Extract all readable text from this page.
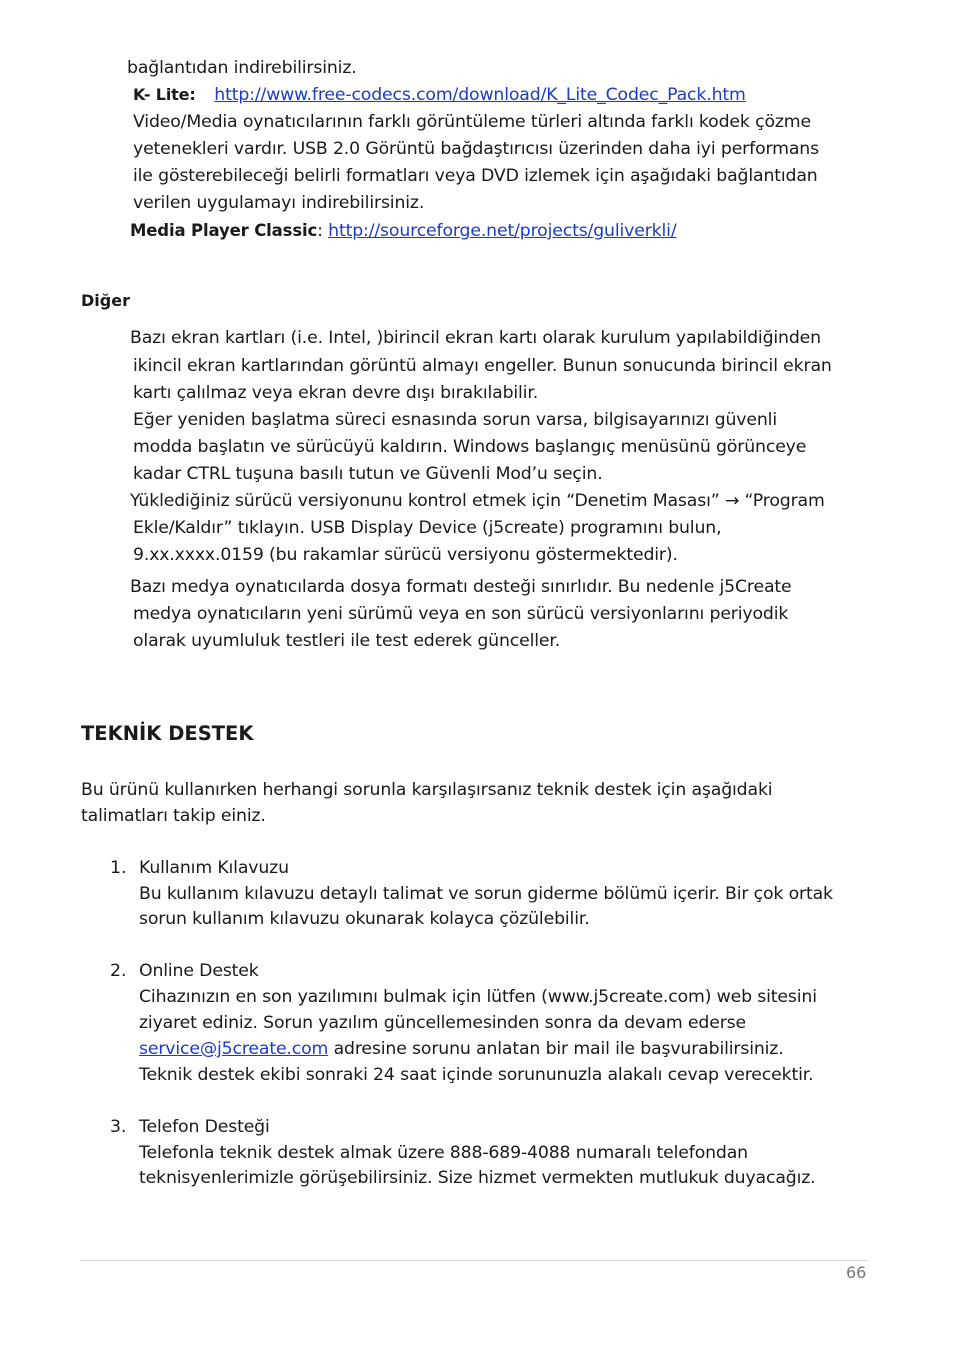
bağlantıdan indirebilirsiniz.
K- Lite: http://www.free-codecs.com/download/K_Lite_Codec_Pack.htm
Video/Media oynatıcılarının farklı görüntüleme türleri altında farklı kodek çözme
yetenekleri vardır. USB 2.0 Görüntü bağdaştırıcısı üzerinden daha iyi performans
ile gösterebileceği belirli formatları veya DVD izlemek için aşağıdaki bağlantıdan
verilen uygulamayı indirebilirsiniz.
Media Player Classic: http://sourceforge.net/projects/guliverkli/
Diğer
Bazı ekran kartları (i.e. Intel, )birincil ekran kartı olarak kurulum yapılabildiğinden
ikincil ekran kartlarından görüntü almayı engeller. Bunun sonucunda birincil ekran
kartı çalılmaz veya ekran devre dışı bırakılabilir.
Eğer yeniden başlatma süreci esnasında sorun varsa, bilgisayarınızı güvenli
modda başlatın ve sürücüyü kaldırın. Windows başlangıç menüsünü görünceye
kadar CTRL tuşuna basılı tutun ve Güvenli Mod’u seçin.
Yüklediğiniz sürücü versiyonunu kontrol etmek için “Denetim Masası” → “Program
Ekle/Kaldır” tıklayın. USB Display Device (j5create) programını bulun,
9.xx.xxxx.0159 (bu rakamlar sürücü versiyonu göstermektedir).
Bazı medya oynatıcılarda dosya formatı desteği sınırlıdır. Bu nedenle j5Create
medya oynatıcıların yeni sürümü veya en son sürücü versiyonlarını periyodik
olarak uyumluluk testleri ile test ederek günceller.
TEKNİK DESTEK
Bu ürünü kullanırken herhangi sorunla karşılaşırsanız teknik destek için aşağıdaki
talimatları takip einiz.
1. Kullanım Kılavuzu
Bu kullanım kılavuzu detaylı talimat ve sorun giderme bölümü içerir. Bir çok ortak
sorun kullanım kılavuzu okunarak kolayca çözülebilir.
2. Online Destek
Cihazınızın en son yazılımını bulmak için lütfen (www.j5create.com) web sitesini
ziyaret ediniz. Sorun yazılım güncellemesinden sonra da devam ederse
service@j5create.com adresine sorunu anlatan bir mail ile başvurabilirsiniz.
Teknik destek ekibi sonraki 24 saat içinde sorununuzla alakalı cevap verecektir.
3. Telefon Desteği
Telefonla teknik destek almak üzere 888-689-4088 numaralı telefondan
teknisyenlerimizle görüşebilirsiniz. Size hizmet vermekten mutlukuk duyacağız.
66
